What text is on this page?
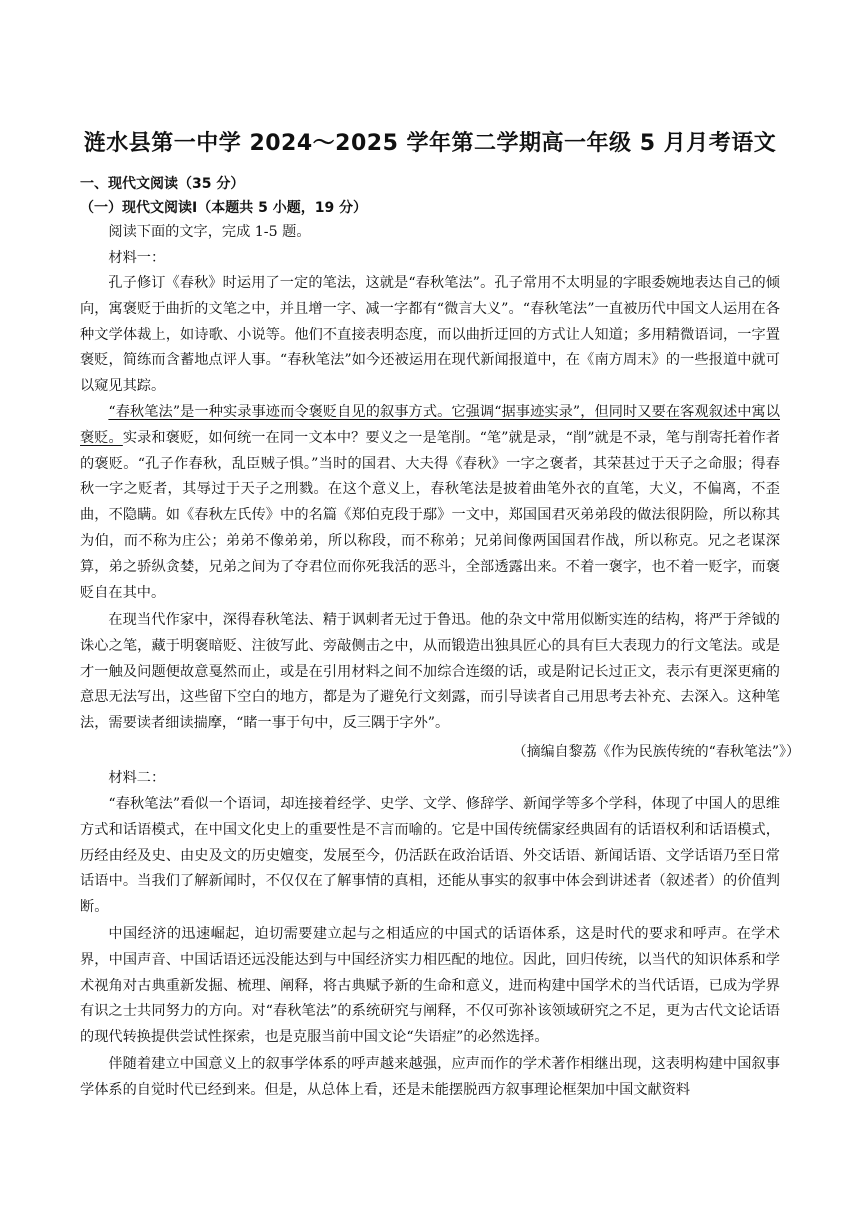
涟水县第一中学 2024～2025 学年第二学期高一年级 5 月月考语文
一、现代文阅读（35 分）
（一）现代文阅读Ⅰ（本题共 5 小题，19 分）

阅读下面的文字，完成 1-5 题。

材料一：

孔子修订《春秋》时运用了一定的笔法，这就是“春秋笔法”。孔子常用不太明显的字眼委婉地表达自己的倾向，寓褒贬于曲折的文笔之中，并且增一字、减一字都有“微言大义”。“春秋笔法”一直被历代中国文人运用在各种文学体裁上，如诗歌、小说等。他们不直接表明态度，而以曲折迂回的方式让人知道；多用精微语词，一字置褒贬，简练而含蓄地点评人事。“春秋笔法”如今还被运用在现代新闻报道中，在《南方周末》的一些报道中就可以窥见其踪。

“春秋笔法”是一种实录事迹而令褒贬自见的叙事方式。它强调“据事迹实录”，但同时又要在客观叙述中寓以褒贬。实录和褒贬，如何统一在同一文本中？要义之一是笔削。“笔”就是录，“削”就是不录，笔与削寄托着作者的褒贬。“孔子作春秋，乱臣贼子惧。”当时的国君、大夫得《春秋》一字之褒者，其荣甚过于天子之命服；得春秋一字之贬者，其辱过于天子之刑戮。在这个意义上，春秋笔法是披着曲笔外衣的直笔，大义，不偏离，不歪曲，不隐瞒。如《春秋左氏传》中的名篇《郑伯克段于鄢》一文中，郑国国君灭弟弟段的做法很阴险，所以称其为伯，而不称为庄公；弟弟不像弟弟，所以称段，而不称弟；兄弟间像两国国君作战，所以称克。兄之老谋深算，弟之骄纵贪婪，兄弟之间为了夺君位而你死我活的恶斗，全部透露出来。不着一褒字，也不着一贬字，而褒贬自在其中。

在现当代作家中，深得春秋笔法、精于讽刺者无过于鲁迅。他的杂文中常用似断实连的结构，将严于斧钺的诛心之笔，藏于明褒暗贬、注彼写此、旁敲侧击之中，从而锻造出独具匠心的具有巨大表现力的行文笔法。或是才一触及问题便故意戛然而止，或是在引用材料之间不加综合连缀的话，或是附记长过正文，表示有更深更痛的意思无法写出，这些留下空白的地方，都是为了避免行文刻露，而引导读者自己用思考去补充、去深入。这种笔法，需要读者细读揣摩，“睹一事于句中，反三隅于字外”。

（摘编自黎荔《作为民族传统的“春秋笔法”》）

材料二：

“春秋笔法”看似一个语词，却连接着经学、史学、文学、修辞学、新闻学等多个学科，体现了中国人的思维方式和话语模式，在中国文化史上的重要性是不言而喻的。它是中国传统儒家经典固有的话语权利和话语模式，历经由经及史、由史及文的历史嬗变，发展至今，仍活跃在政治话语、外交话语、新闻话语、文学话语乃至日常话语中。当我们了解新闻时，不仅仅在了解事情的真相，还能从事实的叙事中体会到讲述者（叙述者）的价值判断。

中国经济的迅速崛起，迫切需要建立起与之相适应的中国式的话语体系，这是时代的要求和呼声。在学术界，中国声音、中国话语还远没能达到与中国经济实力相匹配的地位。因此，回归传统，以当代的知识体系和学术视角对古典重新发掘、梳理、阐释，将古典赋予新的生命和意义，进而构建中国学术的当代话语，已成为学界有识之士共同努力的方向。对“春秋笔法”的系统研究与阐释，不仅可弥补该领域研究之不足，更为古代文论话语的现代转换提供尝试性探索，也是克服当前中国文论“失语症”的必然选择。

伴随着建立中国意义上的叙事学体系的呼声越来越强，应声而作的学术著作相继出现，这表明构建中国叙事学体系的自觉时代已经到来。但是，从总体上看，还是未能摆脱西方叙事理论框架加中国文献资料
